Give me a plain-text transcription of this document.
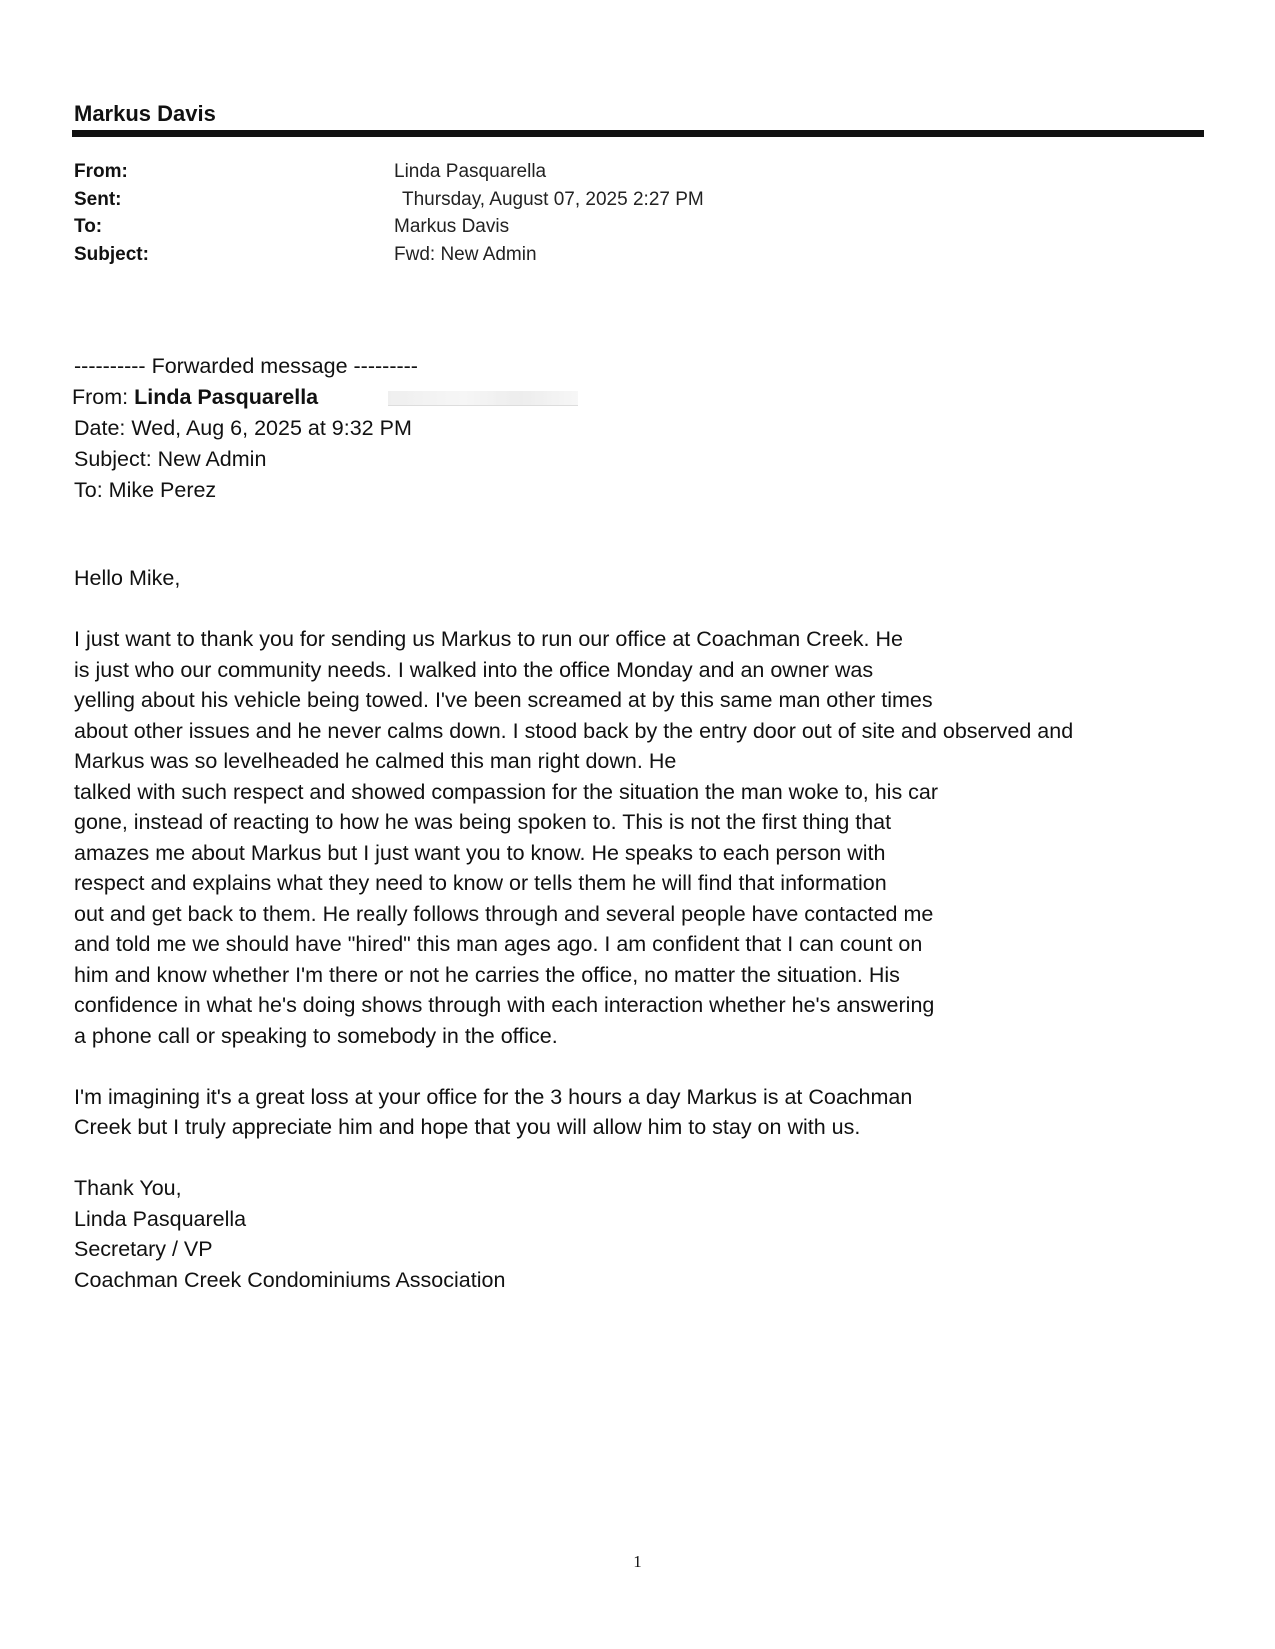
Markus Davis
From:	Linda Pasquarella
Sent:	Thursday, August 07, 2025 2:27 PM
To:	Markus Davis
Subject:	Fwd: New Admin
---------- Forwarded message ---------
From: Linda Pasquarella
Date: Wed, Aug 6, 2025 at 9:32 PM
Subject: New Admin
To: Mike Perez
Hello Mike,
I just want to thank you for sending us Markus to run our office at Coachman Creek. He
is just who our community needs. I walked into the office Monday and an owner was
yelling about his vehicle being towed. I've been screamed at by this same man other times
about other issues and he never calms down. I stood back by the entry door out of site and observed and
Markus was so levelheaded he calmed this man right down. He
talked with such respect and showed compassion for the situation the man woke to, his car
gone, instead of reacting to how he was being spoken to. This is not the first thing that
amazes me about Markus but I just want you to know. He speaks to each person with
respect and explains what they need to know or tells them he will find that information
out and get back to them. He really follows through and several people have contacted me
and told me we should have "hired" this man ages ago. I am confident that I can count on
him and know whether I'm there or not he carries the office, no matter the situation. His
confidence in what he's doing shows through with each interaction whether he's answering
a phone call or speaking to somebody in the office.
I'm imagining it's a great loss at your office for the 3 hours a day Markus is at Coachman
Creek but I truly appreciate him and hope that you will allow him to stay on with us.
Thank You,
Linda Pasquarella
Secretary / VP
Coachman Creek Condominiums Association
1
